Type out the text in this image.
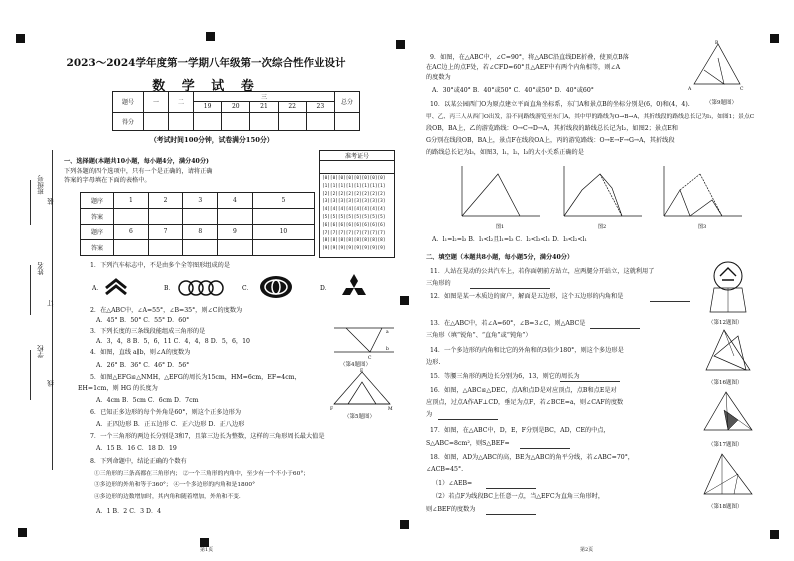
班级号
姓名
学校
装
订
线
2023～2024学年度第一学期八年级第一次综合性作业设计
数 学 试 卷
题号	一	二	三					总分
			19	20	21	22	23	
得分								
（考试时间100分钟，试卷满分150分）
一、选择题(本题共10小题，每小题4分，满分40分)
下列各题的四个选项中，只有一个是正确的，请将正确
答案的字母填在下面的表格中。
题序	1	2	3	4	5
答案					
题序	6	7	8	9	10
答案					
准考证号
[0][0][0][0][0][0][0][0]
[1][1][1][1][1][1][1][1]
[2][2][2][2][2][2][2][2]
[3][3][3][3][3][3][3][3]
[4][4][4][4][4][4][4][4]
[5][5][5][5][5][5][5][5]
[6][6][6][6][6][6][6][6]
[7][7][7][7][7][7][7][7]
[8][8][8][8][8][8][8][8]
[9][9][9][9][9][9][9][9]
1．下列汽车标志中，不是由多个全等图形组成的是
A．	B．	C．	D．
2．在△ABC中，∠A=55°，∠B=35°，则∠C的度数为
A．45° B．50° C．55° D．60°
3．下列长度的三条线段能组成三角形的是
A．3，4，8 B．5，6，11 C．4，4，8 D．5，6，10
4．如图，直线 a∥b，则∠A的度数为
A．26° B．36° C．46° D．56°
5．如图△EFG≌△NMH，△EFG的周长为15cm，HM=6cm，EF=4cm，
EH=1cm，则 HG 的长度为
A．4cm B．5cm C．6cm D．7cm
6．已知正多边形的每个外角是60°，则这个正多边形为
A．正四边形 B．正五边形 C．正六边形 D．正八边形
7．一个三角形的两边长分别是3和7，且第三边长为整数，这样的三角形周长最大值是
A．15 B．16 C．18 D．19
8．下列命题中，结论正确的个数有
①三角形的三条高都在三角形内； ②一个三角形的内角中，至少有一个不小于60°；
③多边形的外角和等于360°； ④一个多边形的内角和是1800°
④多边形的边数增加时，其内角和随着增加，外角和不变.
A．1 B．2 C．3 D．4
a
b
C
（第4题图）
E
F	M
（第5题图）
9．如图，在△ABC中，∠C=90°，将△ABC沿直线DE折叠，使顶点B落
在AC边上的点F处，若∠CFD=60°且△AEF中有两个内角相等，则∠A
的度数为
A．30°或40° B．40°或50° C．40°或50° D．40°或60°
B
A	C
（第9题图）
10．以某公园西门O为原点建立平面直角坐标系，东门A和景点B的坐标分别是(6，0)和(4，4).
甲、乙、丙三人从西门O出发，沿不同路线游览至东门A，其中甲的路线为O→B→A，其折线段的路线总长记为l₁，如图1；景点C
段OB，BA上，乙的游览路线：O→C→D→A，其折线段的路线总长记为l₂，如图2；景点E和
G分别在线段OB，BA上，景点F在线段OA上，丙的游览路线：O→E→F→G→A，其折线段
的路线总长记为l₃，如图3，l₁，l₂，l₃的大小关系正确的是
图1	图2	图3
A．l₁=l₂=l₃ B．l₁<l₂且l₁=l₃ C．l₂<l₃<l₁ D．l₃<l₂<l₁
二、填空题（本题共8小题，每小题5分，满分40分）
11．人站在晃动的公共汽车上，若你面朝前方站立，应两腿分开站立，这就利用了
三角形的
12．如图是某一木质边的窗户，解面是五边形，这个五边形的内角和是
13．在△ABC中，若∠A=60°，∠B=3∠C，则△ABC是
三角形（填“锐角”、“直角”或“钝角”）
14．一个多边形的内角和比它的外角和的3倍少180°，则这个多边形是
边形.
15．等腰三角形的两边长分别为6，13，则它的周长为
16．如图，△ABC≌△DEC，点A和点D是对应顶点，点B和点E是对
应顶点，过点A作AF⊥CD，垂足为点F，若∠BCE=a，则∠CAF的度数
为
17．如图，在△ABC中，D，E，F分别是BC，AD，CE的中点，
S△ABC=8cm²，则S△BEF=
18．如图，AD为△ABC的高，BE为△ABC的角平分线，若∠ABC=70°，
∠ACB=45°.
（1）∠AEB=
（2）若点F为线段BC上任意一点，当△EFC为直角三角形时，
则∠BEF的度数为
（第12题图）
（第16题图）
（第17题图）
（第18题图）
第1页	第2页
